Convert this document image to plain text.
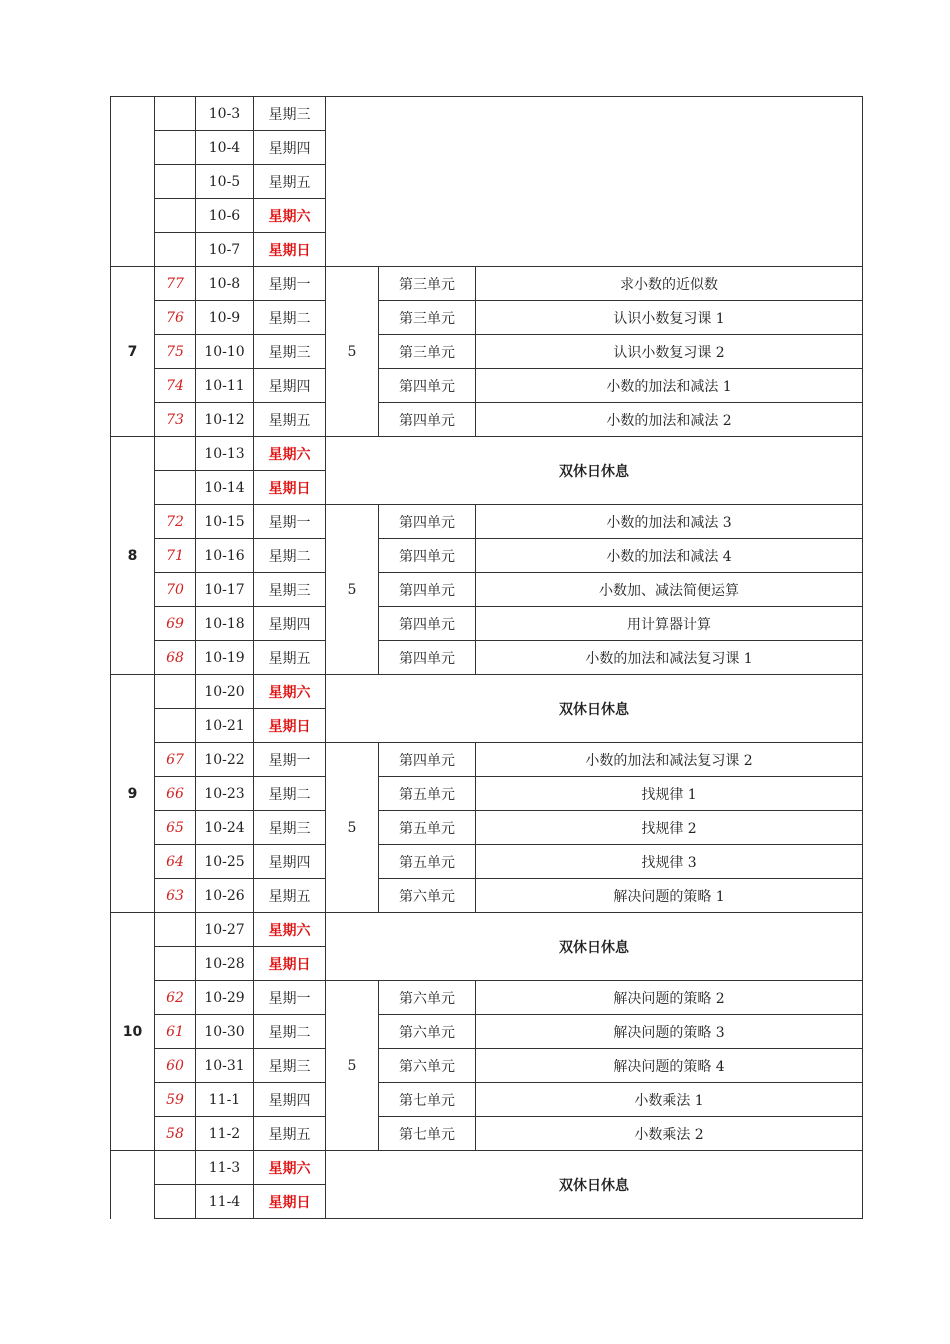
		10-3	星期三			
		10-4	星期四			
		10-5	星期五			
		10-6	星期六			
		10-7	星期日			
7	77	10-8	星期一	5	第三单元	求小数的近似数
	76	10-9	星期二		第三单元	认识小数复习课 1
	75	10-10	星期三		第三单元	认识小数复习课 2
	74	10-11	星期四		第四单元	小数的加法和减法 1
	73	10-12	星期五		第四单元	小数的加法和减法 2
8		10-13	星期六	双休日休息		
		10-14	星期日			
	72	10-15	星期一	5	第四单元	小数的加法和减法 3
	71	10-16	星期二		第四单元	小数的加法和减法 4
	70	10-17	星期三		第四单元	小数加、减法简便运算
	69	10-18	星期四		第四单元	用计算器计算
	68	10-19	星期五		第四单元	小数的加法和减法复习课 1
9		10-20	星期六	双休日休息		
		10-21	星期日			
	67	10-22	星期一	5	第四单元	小数的加法和减法复习课 2
	66	10-23	星期二		第五单元	找规律 1
	65	10-24	星期三		第五单元	找规律 2
	64	10-25	星期四		第五单元	找规律 3
	63	10-26	星期五		第六单元	解决问题的策略 1
10		10-27	星期六	双休日休息		
		10-28	星期日			
	62	10-29	星期一	5	第六单元	解决问题的策略 2
	61	10-30	星期二		第六单元	解决问题的策略 3
	60	10-31	星期三		第六单元	解决问题的策略 4
	59	11-1	星期四		第七单元	小数乘法 1
	58	11-2	星期五		第七单元	小数乘法 2
		11-3	星期六	双休日休息		
		11-4	星期日			
